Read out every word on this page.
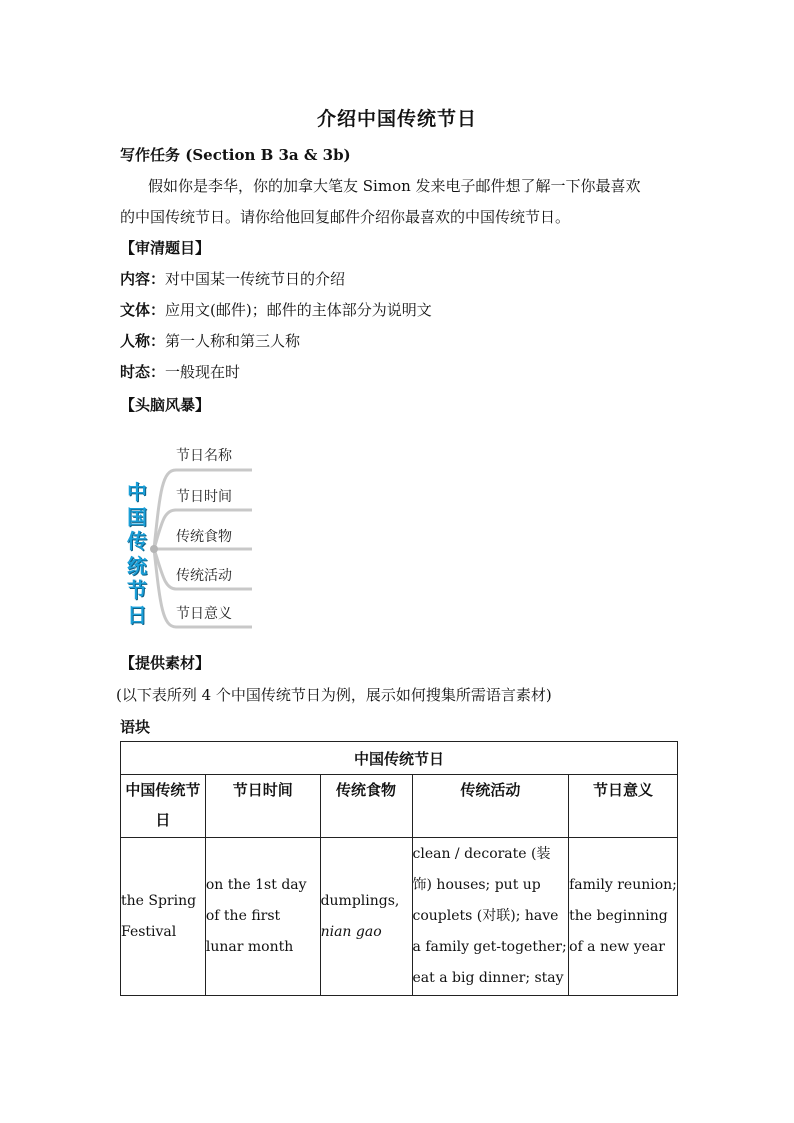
介绍中国传统节日
写作任务 (Section B 3a & 3b)
假如你是李华，你的加拿大笔友 Simon 发来电子邮件想了解一下你最喜欢
的中国传统节日。请你给他回复邮件介绍你最喜欢的中国传统节日。
【审清题目】
内容：对中国某一传统节日的介绍
文体：应用文(邮件)；邮件的主体部分为说明文
人称：第一人称和第三人称
时态：一般现在时
【头脑风暴】
中
国
传
统
节
日
节日名称
节日时间
传统食物
传统活动
节日意义
【提供素材】
(以下表所列 4 个中国传统节日为例，展示如何搜集所需语言素材)
语块
中国传统节日				
中国传统节日	节日时间	传统食物	传统活动	节日意义
the Spring Festival	on the 1st day of the first lunar month	dumplings,
nian gao	clean / decorate (装饰) houses; put up couplets (对联); have a family get-together; eat a big dinner; stay	family reunion; the beginning of a new year
